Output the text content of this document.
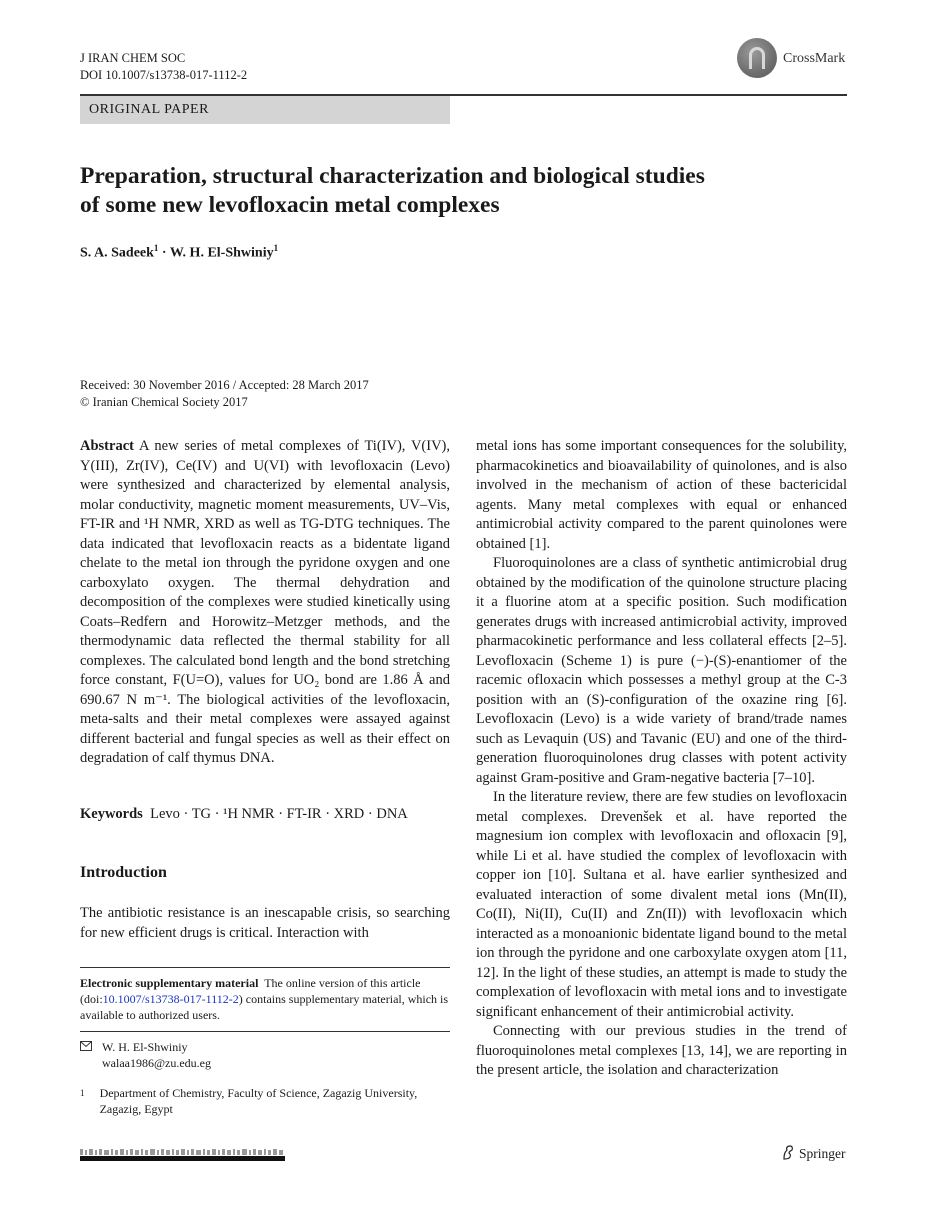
J IRAN CHEM SOC
DOI 10.1007/s13738-017-1112-2
CrossMark
ORIGINAL PAPER
Preparation, structural characterization and biological studies
of some new levofloxacin metal complexes
S. A. Sadeek$^1$ · W. H. El-Shwiniy$^1$
Received: 30 November 2016 / Accepted: 28 March 2017
© Iranian Chemical Society 2017

Abstract A new series of metal complexes of Ti(IV), V(IV), Y(III), Zr(IV), Ce(IV) and U(VI) with levofloxacin (Levo) were synthesized and characterized by elemental analysis, molar conductivity, magnetic moment measurements, UV–Vis, FT-IR and ¹H NMR, XRD as well as TG-DTG techniques. The data indicated that levofloxacin reacts as a bidentate ligand chelate to the metal ion through the pyridone oxygen and one carboxylato oxygen. The thermal dehydration and decomposition of the complexes were studied kinetically using Coats–Redfern and Horowitz–Metzger methods, and the thermodynamic data reflected the thermal stability for all complexes. The calculated bond length and the bond stretching force constant, F(U=O), values for UO₂ bond are 1.86 Å and 690.67 N m⁻¹. The biological activities of the levofloxacin, meta-salts and their metal complexes were assayed against different bacterial and fungal species as well as their effect on degradation of calf thymus DNA.

Keywords Levo · TG · ¹H NMR · FT-IR · XRD · DNA
Introduction

The antibiotic resistance is an inescapable crisis, so searching for new efficient drugs is critical. Interaction with

Electronic supplementary material The online version of this article (doi:10.1007/s13738-017-1112-2) contains supplementary material, which is available to authorized users.
W. H. El-Shwiniy
walaa1986@zu.edu.eg
1	Department of Chemistry, Faculty of Science, Zagazig University, Zagazig, Egypt

metal ions has some important consequences for the solubility, pharmacokinetics and bioavailability of quinolones, and is also involved in the mechanism of action of these bactericidal agents. Many metal complexes with equal or enhanced antimicrobial activity compared to the parent quinolones were obtained [1].

Fluoroquinolones are a class of synthetic antimicrobial drug obtained by the modification of the quinolone structure placing it a fluorine atom at a specific position. Such modification generates drugs with increased antimicrobial activity, improved pharmacokinetic performance and less collateral effects [2–5]. Levofloxacin (Scheme 1) is pure (−)-(S)-enantiomer of the racemic ofloxacin which possesses a methyl group at the C-3 position with an (S)-configuration of the oxazine ring [6]. Levofloxacin (Levo) is a wide variety of brand/trade names such as Levaquin (US) and Tavanic (EU) and one of the third-generation fluoroquinolones drug classes with potent activity against Gram-positive and Gram-negative bacteria [7–10].

In the literature review, there are few studies on levofloxacin metal complexes. Drevenšek et al. have reported the magnesium ion complex with levofloxacin and ofloxacin [9], while Li et al. have studied the complex of levofloxacin with copper ion [10]. Sultana et al. have earlier synthesized and evaluated interaction of some divalent metal ions (Mn(II), Co(II), Ni(II), Cu(II) and Zn(II)) with levofloxacin which interacted as a monoanionic bidentate ligand bound to the metal ion through the pyridone and one carboxylate oxygen atom [11, 12]. In the light of these studies, an attempt is made to study the complexation of levofloxacin with metal ions and to investigate significant enhancement of their antimicrobial activity.

Connecting with our previous studies in the trend of fluoroquinolones metal complexes [13, 14], we are reporting in the present article, the isolation and characterization

Springer
